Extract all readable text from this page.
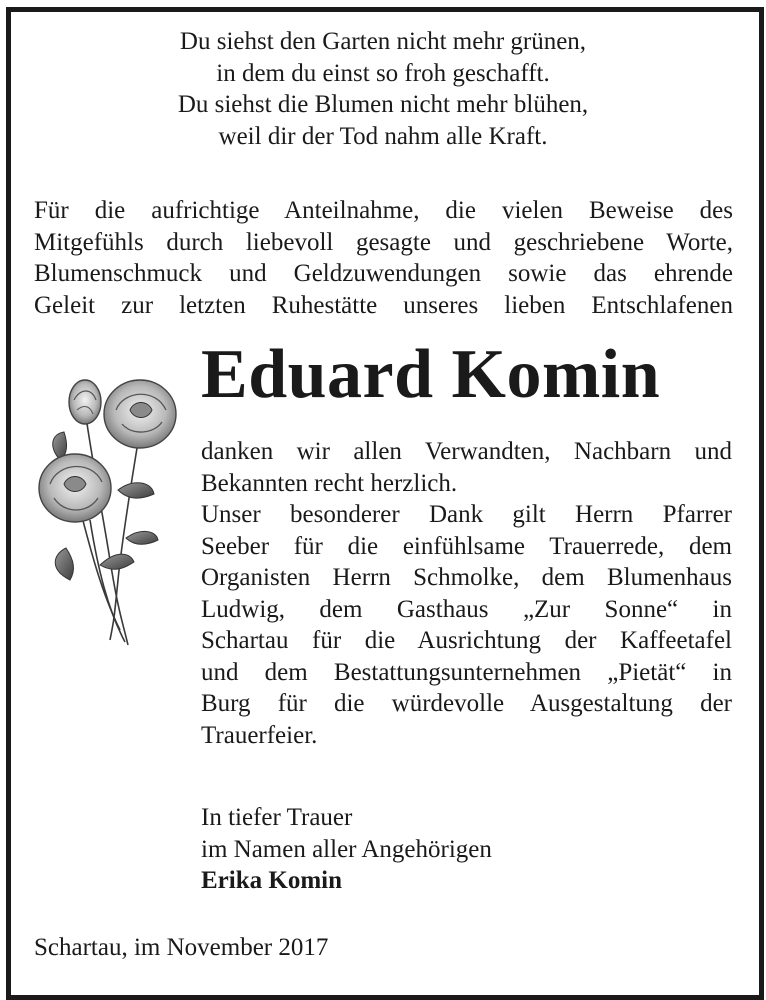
Du siehst den Garten nicht mehr grünen,
in dem du einst so froh geschafft.
Du siehst die Blumen nicht mehr blühen,
weil dir der Tod nahm alle Kraft.
Für die aufrichtige Anteilnahme, die vielen Beweise des
Mitgefühls durch liebevoll gesagte und geschriebene Worte,
Blumenschmuck und Geldzuwendungen sowie das ehrende
Geleit zur letzten Ruhestätte unseres lieben Entschlafenen
Eduard Komin
danken wir allen Verwandten, Nachbarn und
Bekannten recht herzlich.
Unser besonderer Dank gilt Herrn Pfarrer
Seeber für die einfühlsame Trauerrede, dem
Organisten Herrn Schmolke, dem Blumenhaus
Ludwig, dem Gasthaus „Zur Sonne“ in
Schartau für die Ausrichtung der Kaffeetafel
und dem Bestattungsunternehmen „Pietät“ in
Burg für die würdevolle Ausgestaltung der
Trauerfeier.
In tiefer Trauer
im Namen aller Angehörigen
Erika Komin
Schartau, im November 2017
